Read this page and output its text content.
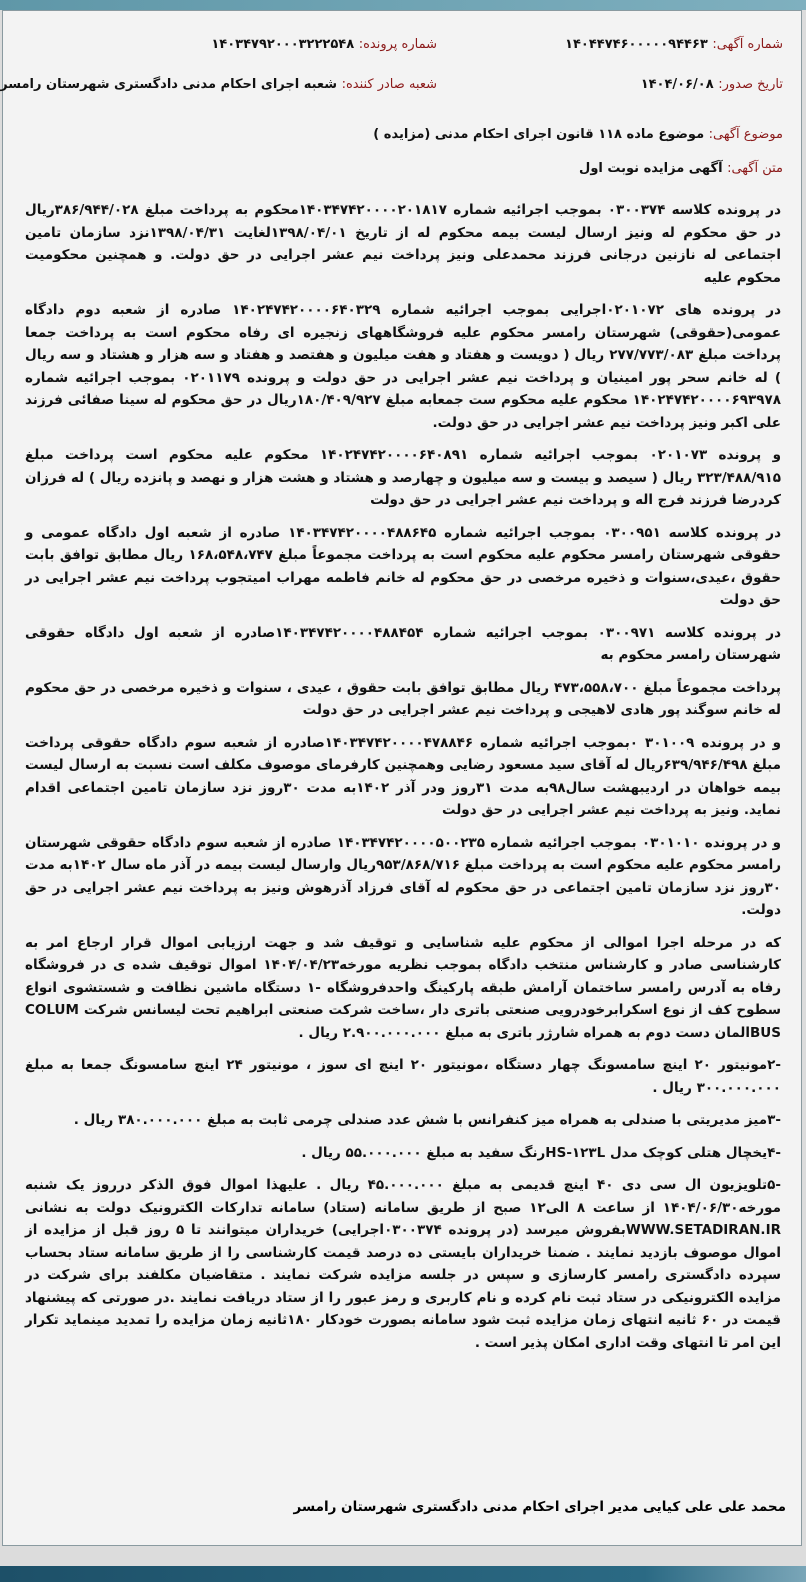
شماره آگهی: ۱۴۰۴۴۷۴۶۰۰۰۰۰۹۴۴۶۳
شماره پرونده: ۱۴۰۳۴۷۹۲۰۰۰۳۲۲۲۵۴۸
تاریخ صدور: ۱۴۰۴/۰۶/۰۸
شعبه صادر کننده: شعبه اجرای احکام مدنی دادگستری شهرستان رامسر
موضوع آگهی: موضوع ماده ۱۱۸ قانون اجرای احکام مدنی (مزایده )
متن آگهی: آگهی مزایده نوبت اول

در پرونده کلاسه ۰۳۰۰۳۷۴ بموجب اجرائیه شماره ۱۴۰۳۴۷۴۲۰۰۰۰۲۰۱۸۱۷محکوم به پرداخت مبلغ ۳۸۶/۹۴۴/۰۲۸ریال در حق محکوم له ونیز ارسال لیست بیمه محکوم له از تاریخ ۱۳۹۸/۰۴/۰۱لغایت ۱۳۹۸/۰۴/۳۱نزد سازمان تامین اجتماعی له نازنین درجانی فرزند محمدعلی ونیز پرداخت نیم عشر اجرایی در حق دولت. و همچنین محکومیت محکوم علیه

در پرونده های ۰۲۰۱۰۷۲اجرایی بموجب اجرائیه شماره ۱۴۰۲۴۷۴۲۰۰۰۰۶۴۰۳۲۹ صادره از شعبه دوم دادگاه عمومی(حقوقی) شهرستان رامسر محکوم علیه فروشگاههای زنجیره ای رفاه محکوم است به پرداخت جمعا پرداخت مبلغ ۲۷۷/۷۷۳/۰۸۳ ریال ( دویست و هفتاد و هفت میلیون و هفتصد و هفتاد و سه هزار و هشتاد و سه ریال ) له خانم سحر پور امینیان و پرداخت نیم عشر اجرایی در حق دولت و پرونده ۰۲۰۱۱۷۹ بموجب اجرائیه شماره ۱۴۰۲۴۷۴۲۰۰۰۰۶۹۳۹۷۸ محکوم علیه محکوم ست جمعابه مبلغ ۱۸۰/۴۰۹/۹۲۷ریال در حق محکوم له سینا صفائی فرزند علی اکبر ونیز پرداخت نیم عشر اجرایی در حق دولت.

و پرونده ۰۲۰۱۰۷۳ بموجب اجرائیه شماره ۱۴۰۲۴۷۴۲۰۰۰۰۶۴۰۸۹۱ محکوم علیه محکوم است پرداخت مبلغ ۳۲۳/۴۸۸/۹۱۵ ریال ( سیصد و بیست و سه میلیون و چهارصد و هشتاد و هشت هزار و نهصد و پانزده ریال ) له فرزان کردرضا فرزند فرج اله و پرداخت نیم عشر اجرایی در حق دولت

در پرونده کلاسه ۰۳۰۰۹۵۱ بموجب اجرائیه شماره ۱۴۰۳۴۷۴۲۰۰۰۰۴۸۸۶۴۵ صادره از شعبه اول دادگاه عمومی و حقوقی شهرستان رامسر محکوم علیه محکوم است به پرداخت مجموعاً مبلغ ۱۶۸،۵۴۸،۷۴۷ ریال مطابق توافق بابت حقوق ،عیدی،سنوات و ذخیره مرخصی در حق محکوم له خانم فاطمه مهراب امیتجوب پرداخت نیم عشر اجرایی در حق دولت

در پرونده کلاسه ۰۳۰۰۹۷۱ بموجب اجرائیه شماره ۱۴۰۳۴۷۴۲۰۰۰۰۴۸۸۴۵۴صادره از شعبه اول دادگاه حقوقی شهرستان رامسر محکوم به

پرداخت مجموعاً مبلغ ۴۷۳،۵۵۸،۷۰۰ ریال مطابق توافق بابت حقوق ، عیدی ، سنوات و ذخیره مرخصی در حق محکوم له خانم سوگند پور هادی لاهیجی و پرداخت نیم عشر اجرایی در حق دولت

و در پرونده ۳۰۱۰۰۹ ۰بموجب اجرائیه شماره ۱۴۰۳۴۷۴۲۰۰۰۰۴۷۸۸۴۶صادره از شعبه سوم دادگاه حقوقی پرداخت مبلغ ۶۳۹/۹۴۶/۴۹۸ریال له آقای سید مسعود رضایی وهمچنین کارفرمای موصوف مکلف است نسبت به ارسال لیست بیمه خواهان در اردیبهشت سال۹۸به مدت ۳۱روز ودر آذر ۱۴۰۲به مدت ۳۰روز نزد سازمان تامین اجتماعی اقدام نماید. ونیز به پرداخت نیم عشر اجرایی در حق دولت

و در پرونده ۰۳۰۱۰۱۰ بموجب اجرائیه شماره ۱۴۰۳۴۷۴۲۰۰۰۰۵۰۰۲۳۵ صادره از شعبه سوم دادگاه حقوقی شهرستان رامسر محکوم علیه محکوم است به پرداخت مبلغ ۹۵۳/۸۶۸/۷۱۶ریال وارسال لیست بیمه در آذر ماه سال ۱۴۰۲به مدت ۳۰روز نزد سازمان تامین اجتماعی در حق محکوم له آقای فرزاد آذرهوش ونیز به پرداخت نیم عشر اجرایی در حق دولت.

که در مرحله اجرا اموالی از محکوم علیه شناسایی و توقیف شد و جهت ارزیابی اموال قرار ارجاع امر به کارشناسی صادر و کارشناس منتخب دادگاه بموجب نظریه مورخه۱۴۰۴/۰۴/۲۳ اموال توقیف شده ی در فروشگاه رفاه به آدرس رامسر ساختمان آرامش طبقه پارکینگ واحدفروشگاه -۱ دستگاه ماشین نظافت و شستشوی انواع سطوح کف از نوع اسکرابرخودرویی صنعتی باتری دار ،ساخت شرکت صنعتی ابراهیم تحت لیسانس شرکت COLUM BUSالمان دست دوم به همراه شارژر باتری به مبلغ ۲.۹۰۰.۰۰۰.۰۰۰ ریال .

-۲مونیتور ۲۰ اینچ سامسونگ چهار دستگاه ،مونیتور ۲۰ اینچ ای سوز ، مونیتور ۲۴ اینچ سامسونگ جمعا به مبلغ ۳۰۰.۰۰۰.۰۰۰ ریال .

-۳میز مدیریتی با صندلی به همراه میز کنفرانس با شش عدد صندلی چرمی ثابت به مبلغ ۳۸۰.۰۰۰.۰۰۰ ریال .

-۴یخچال هتلی کوچک مدل HS-۱۲۳Lرنگ سفید به مبلغ ۵۵.۰۰۰.۰۰۰ ریال .

-۵تلویزیون ال سی دی ۴۰ اینچ قدیمی به مبلغ ۴۵.۰۰۰.۰۰۰ ریال . علیهذا اموال فوق الذکر درروز یک شنبه مورخه۱۴۰۴/۰۶/۳۰ از ساعت ۸ الی۱۲ صبح از طریق سامانه (ستاد) سامانه تدارکات الکترونیک دولت به نشانی WWW.SETADIRAN.IRبفروش میرسد (در پرونده ۰۳۰۰۳۷۴اجرایی) خریداران میتوانند تا ۵ روز قبل از مزایده از اموال موصوف بازدید نمایند . ضمنا خریداران بایستی ده درصد قیمت کارشناسی را از طریق سامانه ستاد بحساب سپرده دادگستری رامسر کارسازی و سپس در جلسه مزایده شرکت نمایند . متقاضیان مکلفند برای شرکت در مزایده الکترونیکی در ستاد ثبت نام کرده و نام کاربری و رمز عبور را از ستاد دریافت نمایند .در صورتی که پیشنهاد قیمت در ۶۰ ثانیه انتهای زمان مزایده ثبت شود سامانه بصورت خودکار ۱۸۰ثانیه زمان مزایده را تمدید مینماید تکرار این امر تا انتهای وقت اداری امکان پذیر است .

محمد علی علی کیایی مدیر اجرای احکام مدنی دادگستری شهرستان رامسر
